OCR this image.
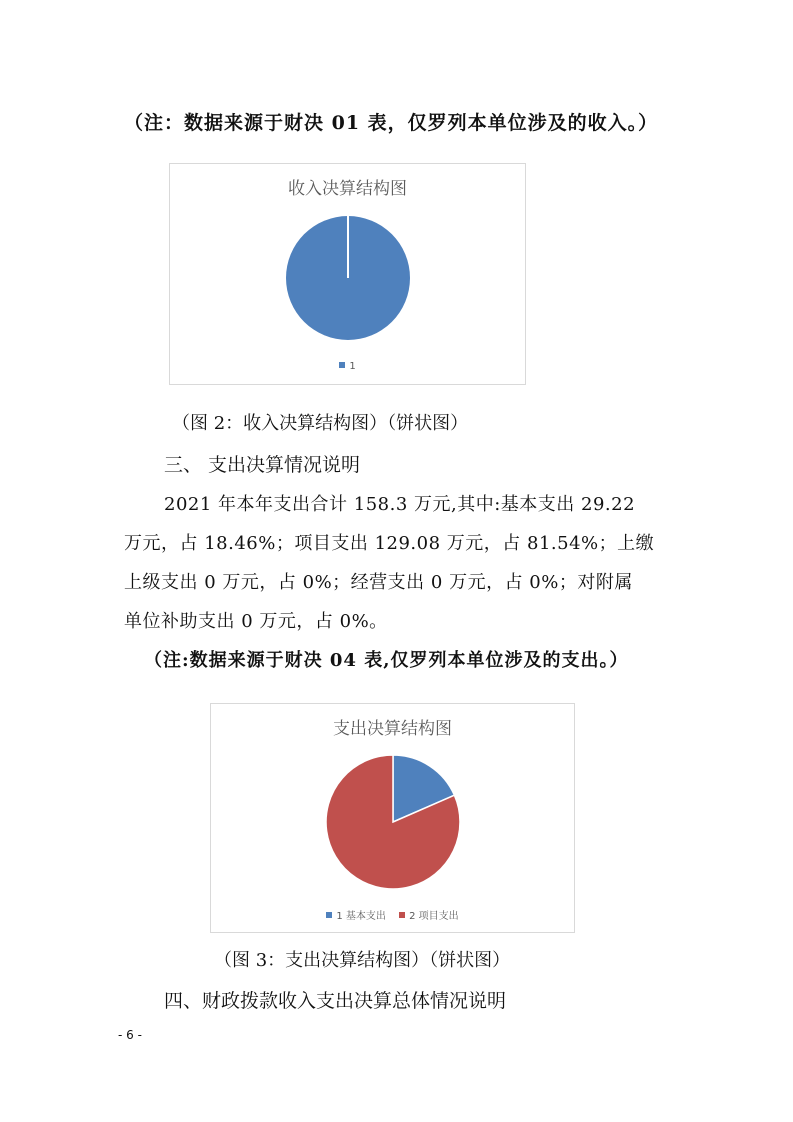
（注：数据来源于财决 01 表，仅罗列本单位涉及的收入。）
收入决算结构图
1
（图 2：收入决算结构图）（饼状图）
三、 支出决算情况说明
2021 年本年支出合计 158.3 万元,其中:基本支出 29.22
万元，占 18.46%；项目支出 129.08 万元，占 81.54%；上缴
上级支出 0 万元，占 0%；经营支出 0 万元，占 0%；对附属
单位补助支出 0 万元，占 0%。
（注:数据来源于财决 04 表,仅罗列本单位涉及的支出。）
支出决算结构图
1 基本支出 2 项目支出
（图 3：支出决算结构图）（饼状图）
四、财政拨款收入支出决算总体情况说明
- 6 -
